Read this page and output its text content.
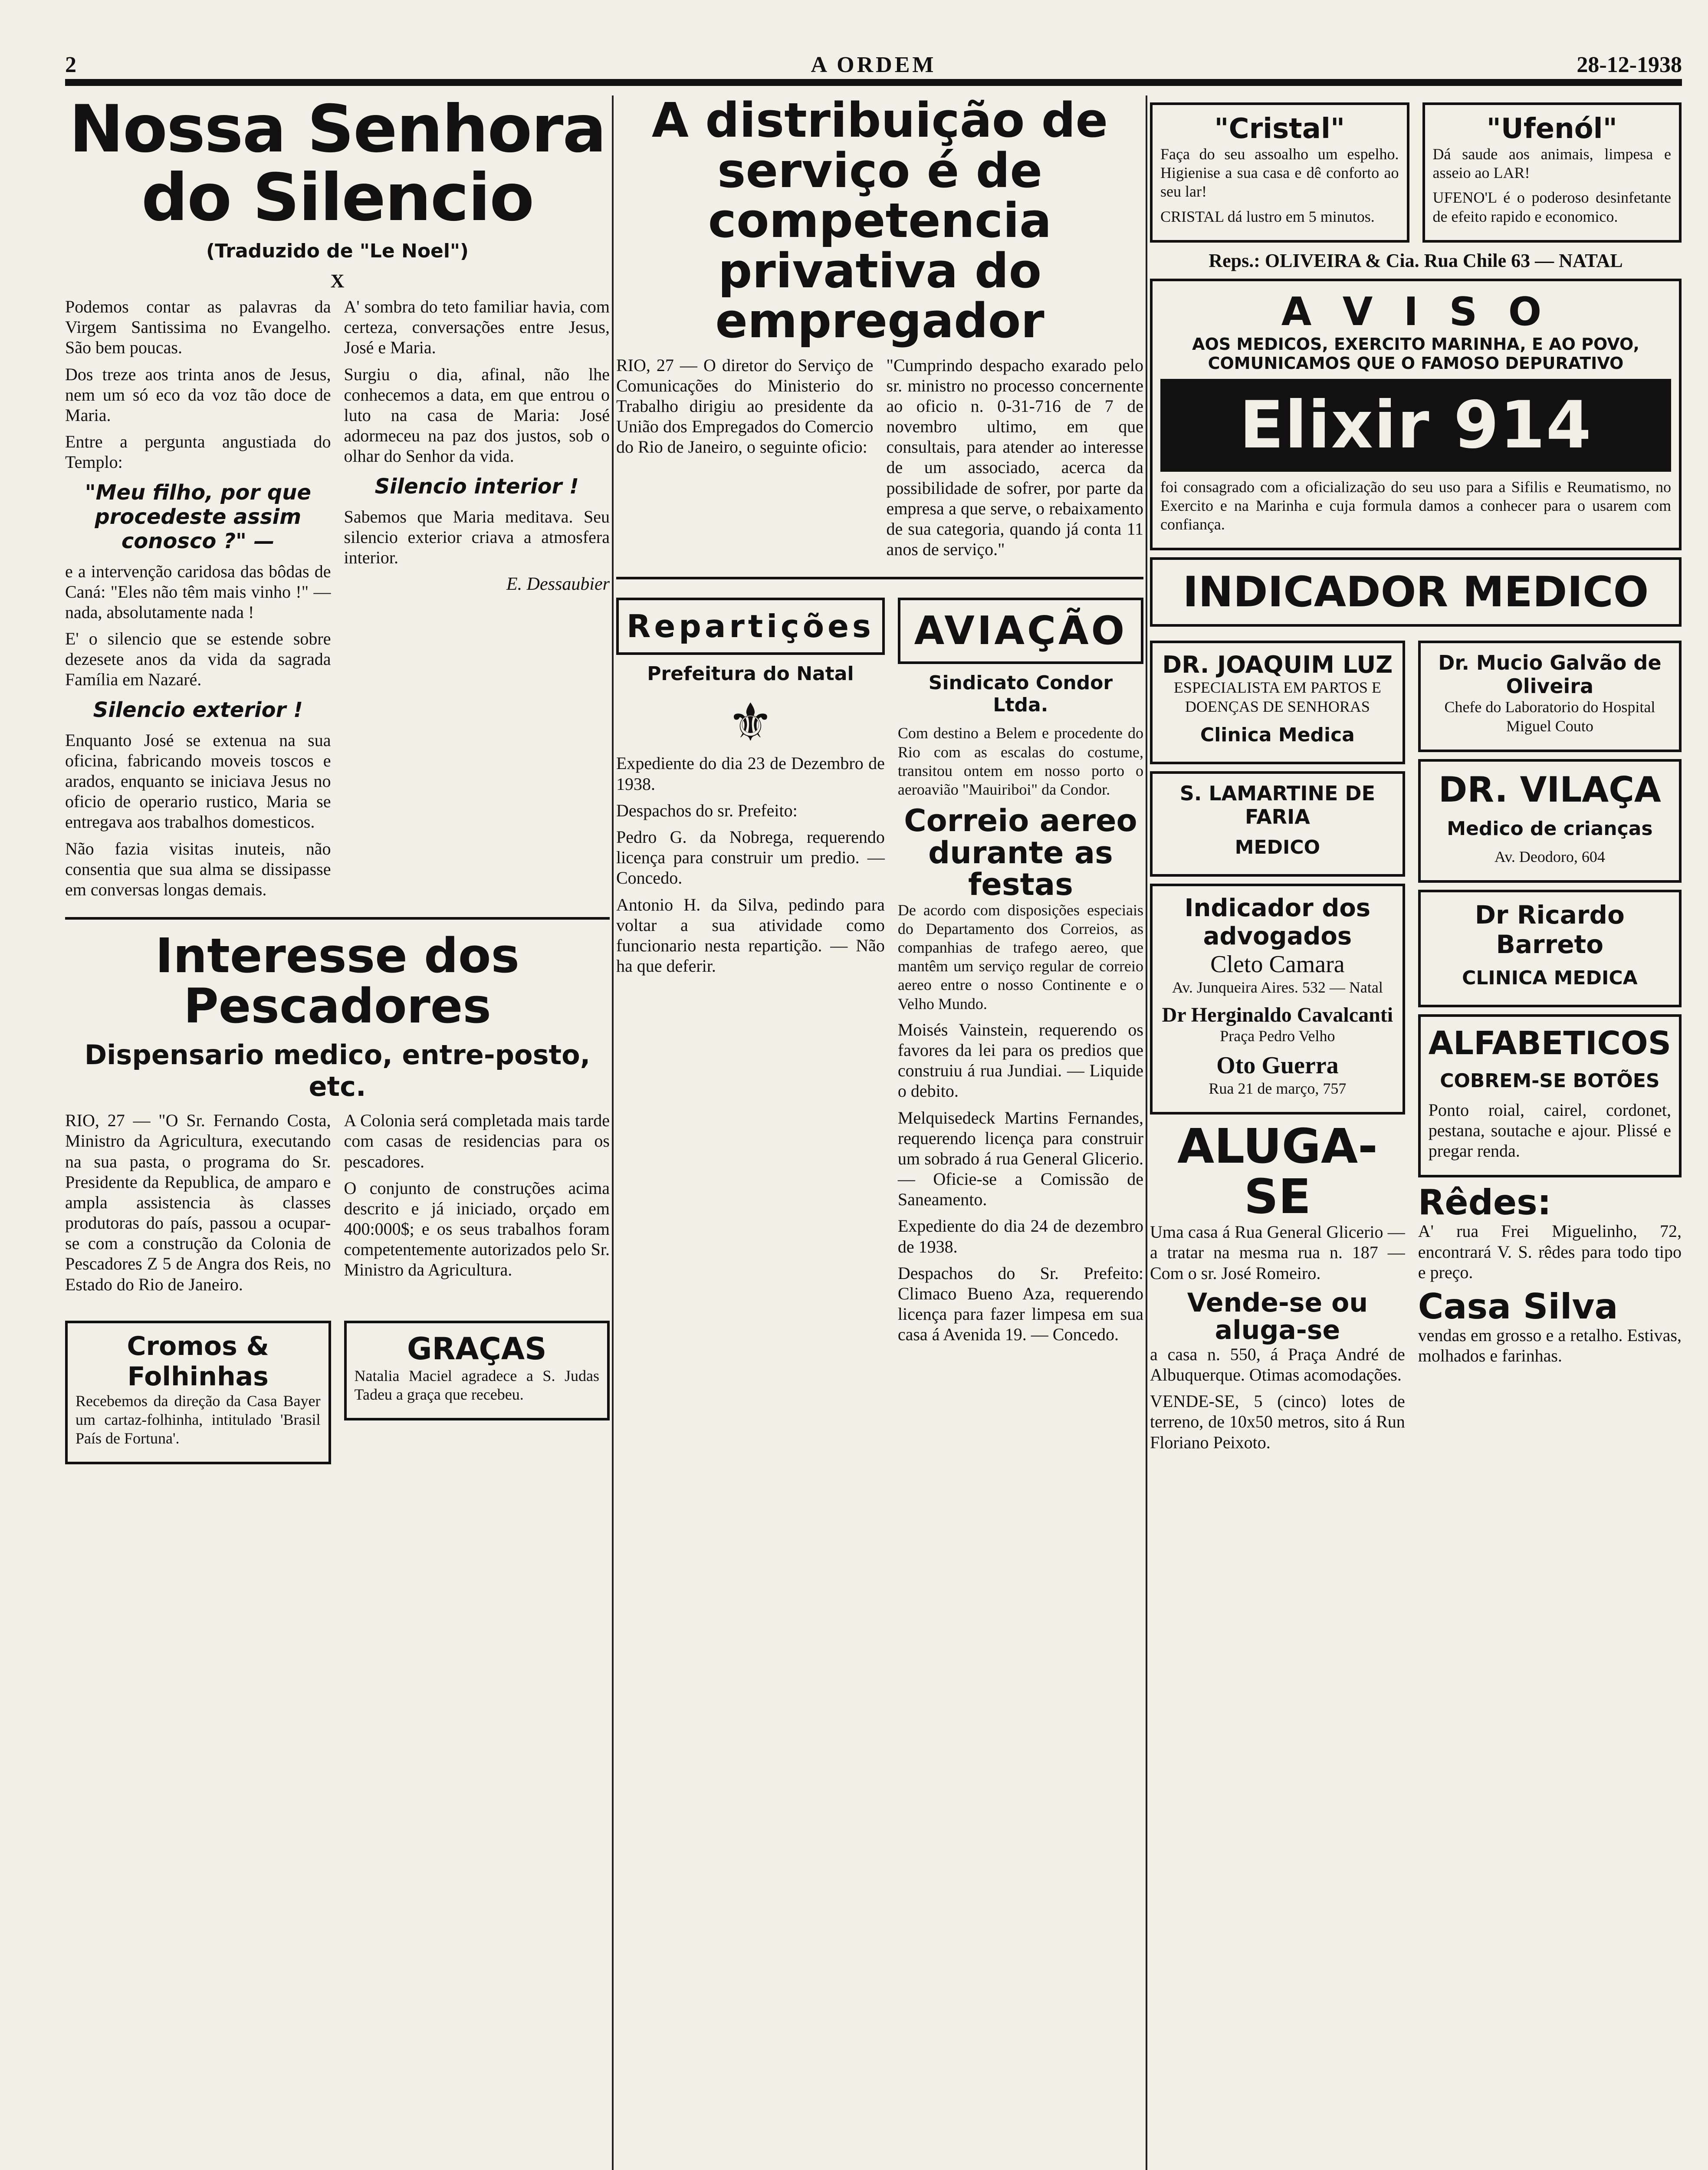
2	A ORDEM	28-12-1938
Nossa Senhora do Silencio
(Traduzido de "Le Noel")
X

Podemos contar as palavras da Virgem Santissima no Evangelho. São bem poucas.

Dos treze aos trinta anos de Jesus, nem um só eco da voz tão doce de Maria.

Entre a pergunta angustiada do Templo:

"Meu filho, por que procedeste assim conosco ?" —

e a intervenção caridosa das bôdas de Caná: "Eles não têm mais vinho !" — nada, absolutamente nada !

E' o silencio que se estende sobre dezesete anos da vida da sagrada Família em Nazaré.

Silencio exterior !

Enquanto José se extenua na sua oficina, fabricando moveis toscos e arados, enquanto se iniciava Jesus no oficio de operario rustico, Maria se entregava aos trabalhos domesticos.

Não fazia visitas inuteis, não consentia que sua alma se dissipasse em conversas longas demais.

A' sombra do teto familiar havia, com certeza, conversações entre Jesus, José e Maria.

Surgiu o dia, afinal, não lhe conhecemos a data, em que entrou o luto na casa de Maria: José adormeceu na paz dos justos, sob o olhar do Senhor da vida.

Silencio interior !

Sabemos que Maria meditava. Seu silencio exterior criava a atmosfera interior.

E. Dessaubier
Interesse dos Pescadores
Dispensario medico, entre-posto, etc.

RIO, 27 — "O Sr. Fernando Costa, Ministro da Agricultura, executando na sua pasta, o programa do Sr. Presidente da Republica, de amparo e ampla assistencia às classes produtoras do país, passou a ocupar-se com a construção da Colonia de Pescadores Z 5 de Angra dos Reis, no Estado do Rio de Janeiro.

A Colonia será completada mais tarde com casas de residencias para os pescadores.

O conjunto de construções acima descrito e já iniciado, orçado em 400:000$; e os seus trabalhos foram competentemente autorizados pelo Sr. Ministro da Agricultura.

Cromos & Folhinhas

Recebemos da direção da Casa Bayer um cartaz-folhinha, intitulado 'Brasil País de Fortuna'.

GRAÇAS

Natalia Maciel agradece a S. Judas Tadeu a graça que recebeu.

A distribuição de serviço é de competencia privativa do empregador

RIO, 27 — O diretor do Serviço de Comunicações do Ministerio do Trabalho dirigiu ao presidente da União dos Empregados do Comercio do Rio de Janeiro, o seguinte oficio:

"Cumprindo despacho exarado pelo sr. ministro no processo concernente ao oficio n. 0-31-716 de 7 de novembro ultimo, em que consultais, para atender ao interesse de um associado, acerca da possibilidade de sofrer, por parte da empresa a que serve, o rebaixamento de sua categoria, quando já conta 11 anos de serviço."

Repartições
Prefeitura do Natal
⚜

Expediente do dia 23 de Dezembro de 1938.

Despachos do sr. Prefeito:

Pedro G. da Nobrega, requerendo licença para construir um predio. — Concedo.

Antonio H. da Silva, pedindo para voltar a sua atividade como funcionario nesta repartição. — Não ha que deferir.

AVIAÇÃO
Sindicato Condor Ltda.

Com destino a Belem e procedente do Rio com as escalas do costume, transitou ontem em nosso porto o aeroavião "Mauiriboi" da Condor.

Correio aereo durante as festas

De acordo com disposições especiais do Departamento dos Correios, as companhias de trafego aereo, que mantêm um serviço regular de correio aereo entre o nosso Continente e o Velho Mundo.

Moisés Vainstein, requerendo os favores da lei para os predios que construiu á rua Jundiai. — Liquide o debito.

Melquisedeck Martins Fernandes, requerendo licença para construir um sobrado á rua General Glicerio. — Oficie-se a Comissão de Saneamento.

Expediente do dia 24 de dezembro de 1938.

Despachos do Sr. Prefeito: Climaco Bueno Aza, requerendo licença para fazer limpesa em sua casa á Avenida 19. — Concedo.

"Cristal"

Faça do seu assoalho um espelho. Higienise a sua casa e dê conforto ao seu lar!

CRISTAL dá lustro em 5 minutos.

"Ufenól"

Dá saude aos animais, limpesa e asseio ao LAR!

UFENO'L é o poderoso desinfetante de efeito rapido e economico.

Reps.: OLIVEIRA & Cia. Rua Chile 63 — NATAL
A V I S O
AOS MEDICOS, EXERCITO MARINHA, E AO POVO,
COMUNICAMOS QUE O FAMOSO DEPURATIVO
Elixir 914

foi consagrado com a oficialização do seu uso para a Sifilis e Reumatismo, no Exercito e na Marinha e cuja formula damos a conhecer para o usarem com confiança.

INDICADOR MEDICO
DR. JOAQUIM LUZ

ESPECIALISTA EM PARTOS E DOENÇAS DE SENHORAS

Clinica Medica
S. LAMARTINE DE FARIA
MEDICO
Indicador dos advogados
Cleto Camara

Av. Junqueira Aires. 532 — Natal

Dr Herginaldo Cavalcanti

Praça Pedro Velho

Oto Guerra

Rua 21 de março, 757

ALUGA-SE

Uma casa á Rua General Glicerio — a tratar na mesma rua n. 187 — Com o sr. José Romeiro.

Vende-se ou aluga-se

a casa n. 550, á Praça André de Albuquerque. Otimas acomodações.

VENDE-SE, 5 (cinco) lotes de terreno, de 10x50 metros, sito á Run Floriano Peixoto.

Dr. Mucio Galvão de Oliveira

Chefe do Laboratorio do Hospital Miguel Couto

DR. VILAÇA
Medico de crianças

Av. Deodoro, 604

Dr Ricardo Barreto
CLINICA MEDICA
ALFABETICOS
COBREM-SE BOTÕES

Ponto roial, cairel, cordonet, pestana, soutache e ajour. Plissé e pregar renda.

Rêdes:

A' rua Frei Miguelinho, 72, encontrará V. S. rêdes para todo tipo e preço.

Casa Silva

vendas em grosso e a retalho. Estivas, molhados e farinhas.
